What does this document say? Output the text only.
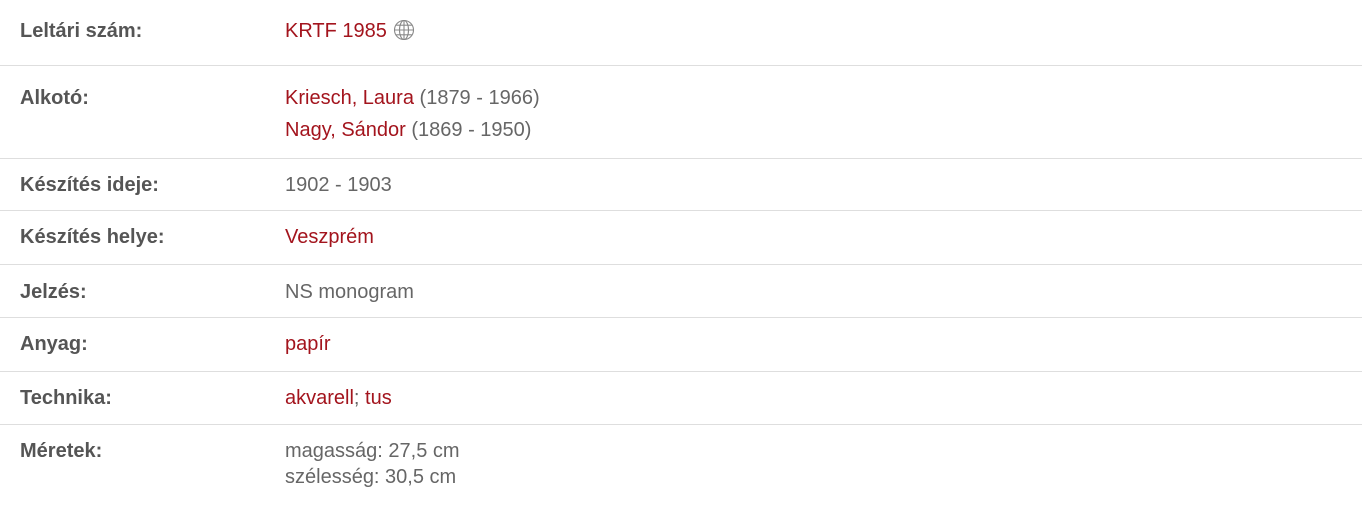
Leltári szám:	KRTF 1985
Alkotó:	Kriesch, Laura (1879 - 1966)
Nagy, Sándor (1869 - 1950)
Készítés ideje:	1902 - 1903
Készítés helye:	Veszprém
Jelzés:	NS monogram
Anyag:	papír
Technika:	akvarell; tus
Méretek:	magasság: 27,5 cm
szélesség: 30,5 cm
